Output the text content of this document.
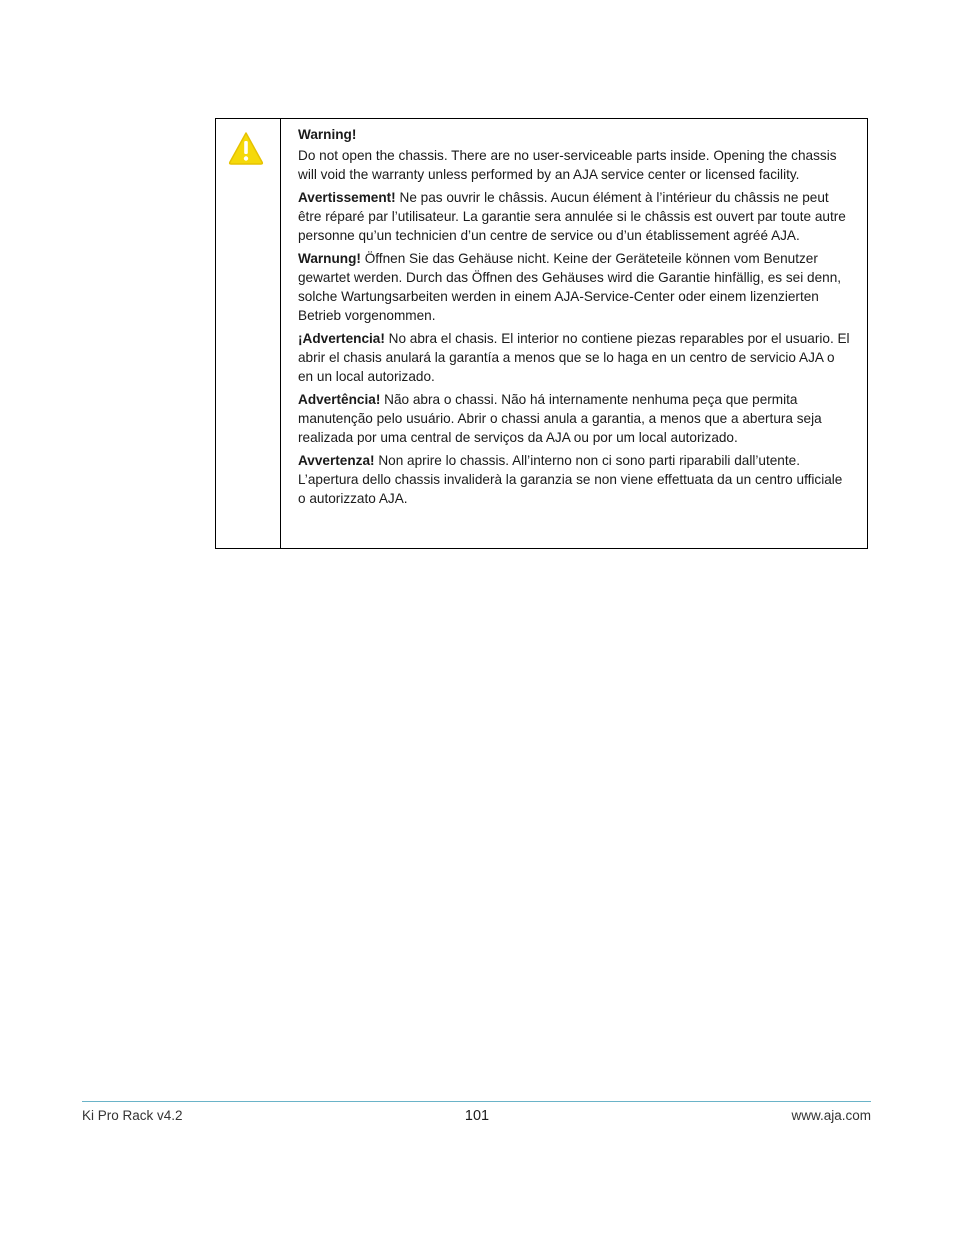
Warning!

Do not open the chassis. There are no user-serviceable parts inside. Opening the chassis will void the warranty unless performed by an AJA service center or licensed facility.

Avertissement! Ne pas ouvrir le châssis. Aucun élément à l’intérieur du châssis ne peut être réparé par l’utilisateur. La garantie sera annulée si le châssis est ouvert par toute autre personne qu’un technicien d’un centre de service ou d’un établissement agréé AJA.

Warnung! Öffnen Sie das Gehäuse nicht. Keine der Geräteteile können vom Benutzer gewartet werden. Durch das Öffnen des Gehäuses wird die Garantie hinfällig, es sei denn, solche Wartungsarbeiten werden in einem AJA-Service-Center oder einem lizenzierten Betrieb vorgenommen.

¡Advertencia! No abra el chasis. El interior no contiene piezas reparables por el usuario. El abrir el chasis anulará la garantía a menos que se lo haga en un centro de servicio AJA o en un local autorizado.

Advertência! Não abra o chassi. Não há internamente nenhuma peça que permita manutenção pelo usuário. Abrir o chassi anula a garantia, a menos que a abertura seja realizada por uma central de serviços da AJA ou por um local autorizado.

Avvertenza! Non aprire lo chassis. All’interno non ci sono parti riparabili dall’utente. L’apertura dello chassis invaliderà la garanzia se non viene effettuata da un centro ufficiale o autorizzato AJA.

Ki Pro Rack v4.2	101	www.aja.com
